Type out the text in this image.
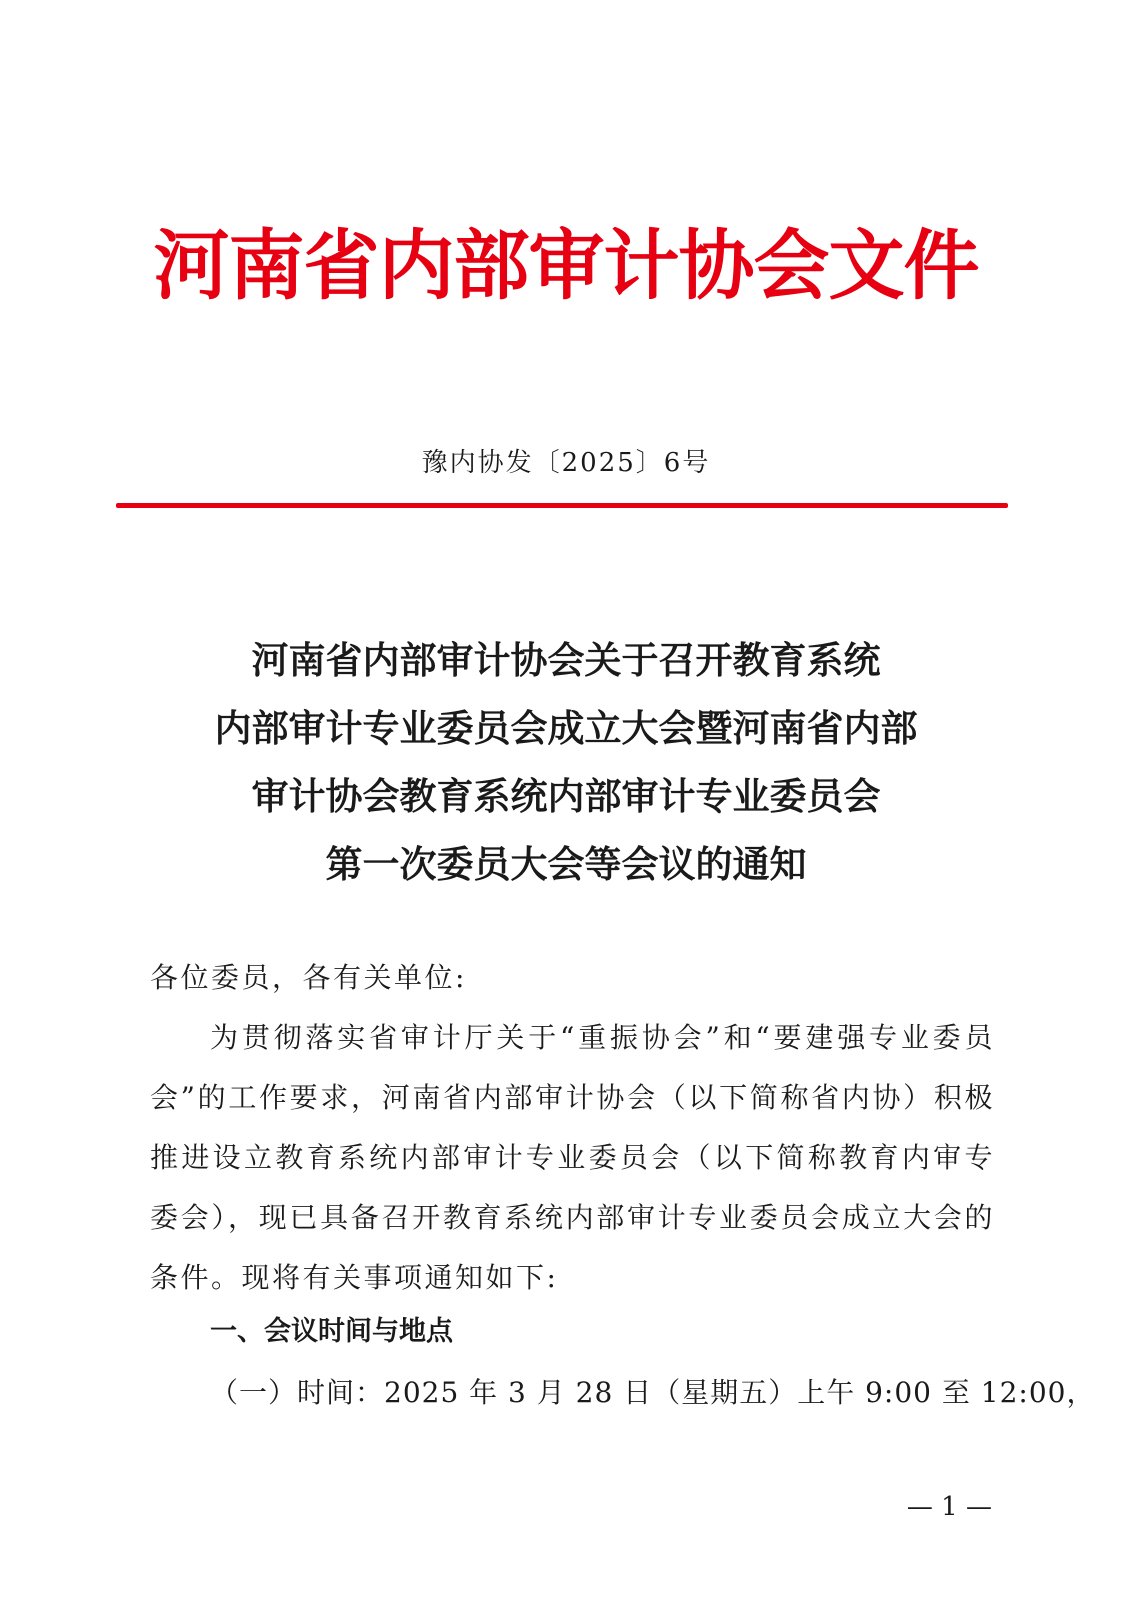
河南省内部审计协会文件
豫内协发〔2025〕6号
河南省内部审计协会关于召开教育系统
内部审计专业委员会成立大会暨河南省内部
审计协会教育系统内部审计专业委员会
第一次委员大会等会议的通知
各位委员，各有关单位:
为贯彻落实省审计厅关于“重振协会”和“要建强专业委员会”的工作要求，河南省内部审计协会（以下简称省内协）积极推进设立教育系统内部审计专业委员会（以下简称教育内审专委会），现已具备召开教育系统内部审计专业委员会成立大会的条件。现将有关事项通知如下:
一、会议时间与地点
（一）时间：2025 年 3 月 28 日（星期五）上午 9:00 至 12:00，
— 1 —
